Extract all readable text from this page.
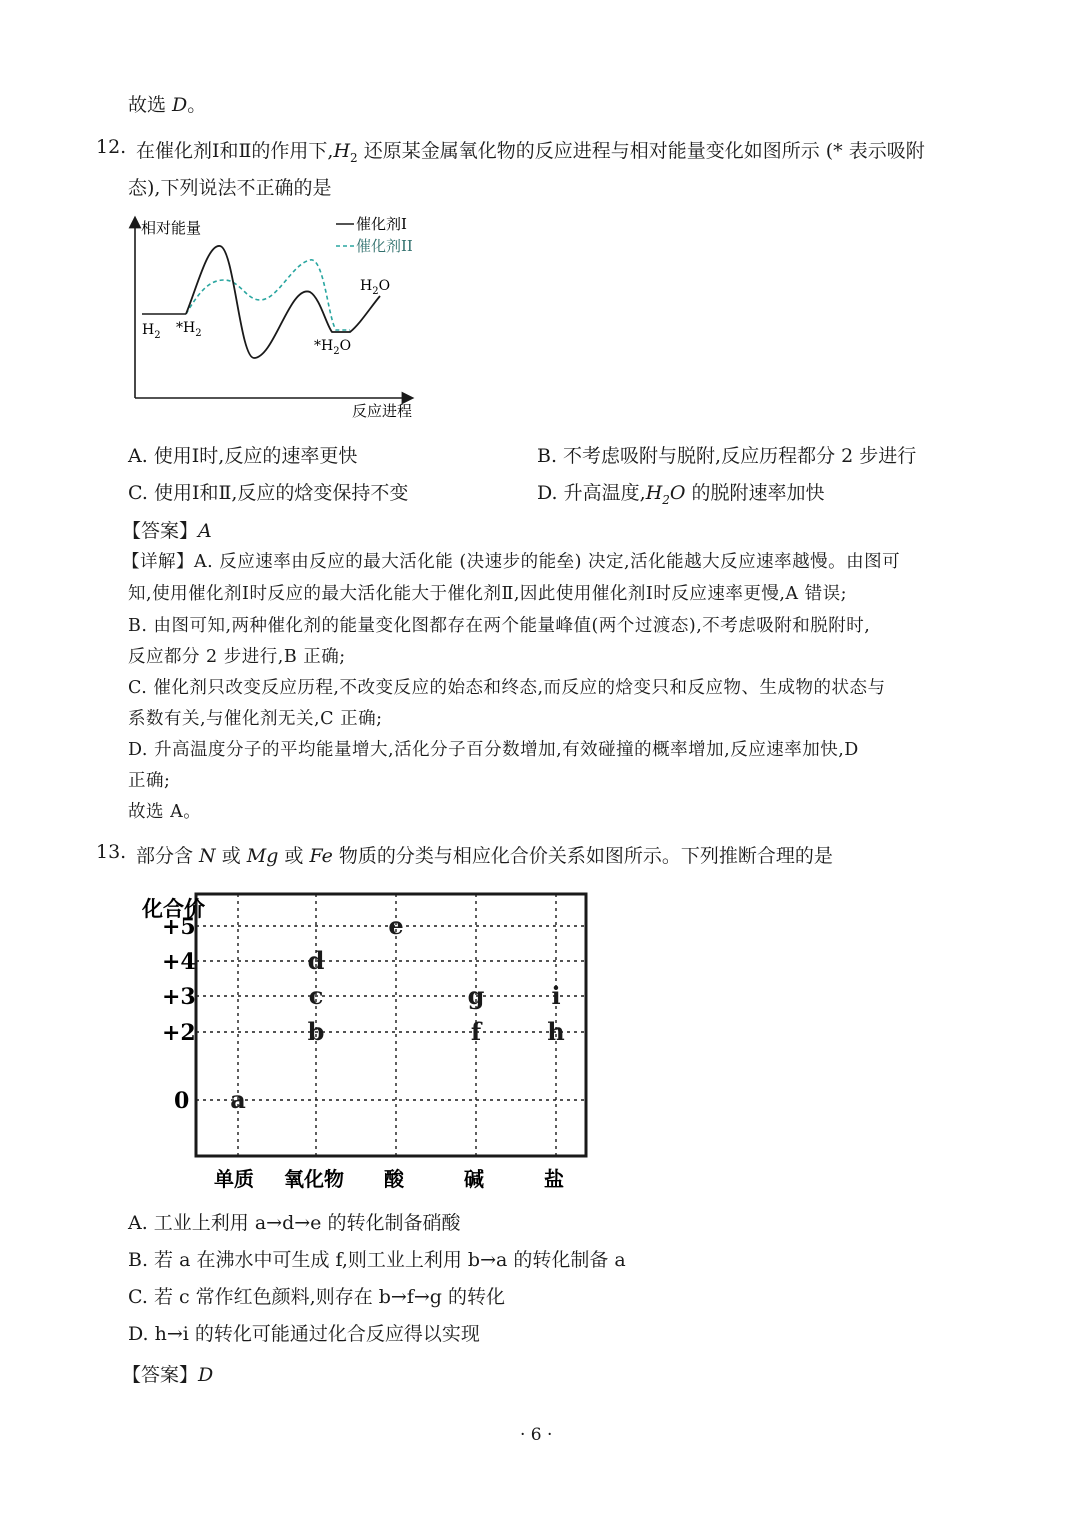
故选 D。
12. 在催化剂Ⅰ和Ⅱ的作用下$,H_2$ 还原某金属氧化物的反应进程与相对能量变化如图所示 (* 表示吸附
态),下列说法不正确的是
相对能量
反应进程
催化剂I
催化剂II
$H_2$ $*H_2$
$*H_2O$
$H_2O$
A. 使用Ⅰ时,反应的速率更快	B. 不考虑吸附与脱附,反应历程都分 2 步进行
C. 使用Ⅰ和Ⅱ,反应的焓变保持不变	D. 升高温度$,H_2O$ 的脱附速率加快
【答案】A
【详解】A. 反应速率由反应的最大活化能 (决速步的能垒) 决定,活化能越大反应速率越慢。由图可
知,使用催化剂Ⅰ时反应的最大活化能大于催化剂Ⅱ,因此使用催化剂Ⅰ时反应速率更慢,A 错误;
B. 由图可知,两种催化剂的能量变化图都存在两个能量峰值(两个过渡态),不考虑吸附和脱附时,
反应都分 2 步进行,B 正确;
C. 催化剂只改变反应历程,不改变反应的始态和终态,而反应的焓变只和反应物、生成物的状态与
系数有关,与催化剂无关,C 正确;
D. 升高温度分子的平均能量增大,活化分子百分数增加,有效碰撞的概率增加,反应速率加快,D
正确;
故选 A。
13. 部分含 N 或 Mg 或 Fe 物质的分类与相应化合价关系如图所示。下列推断合理的是
化合价
+5
+4
+3
+2
0
单质 氧化物 酸	碱	盐
a
b
c
d
e
f
g
h
i
A. 工业上利用 a→d→e 的转化制备硝酸
B. 若 a 在沸水中可生成 f,则工业上利用 b→a 的转化制备 a
C. 若 c 常作红色颜料,则存在 b→f→g 的转化
D. h→i 的转化可能通过化合反应得以实现
【答案】D
· 6 ·
